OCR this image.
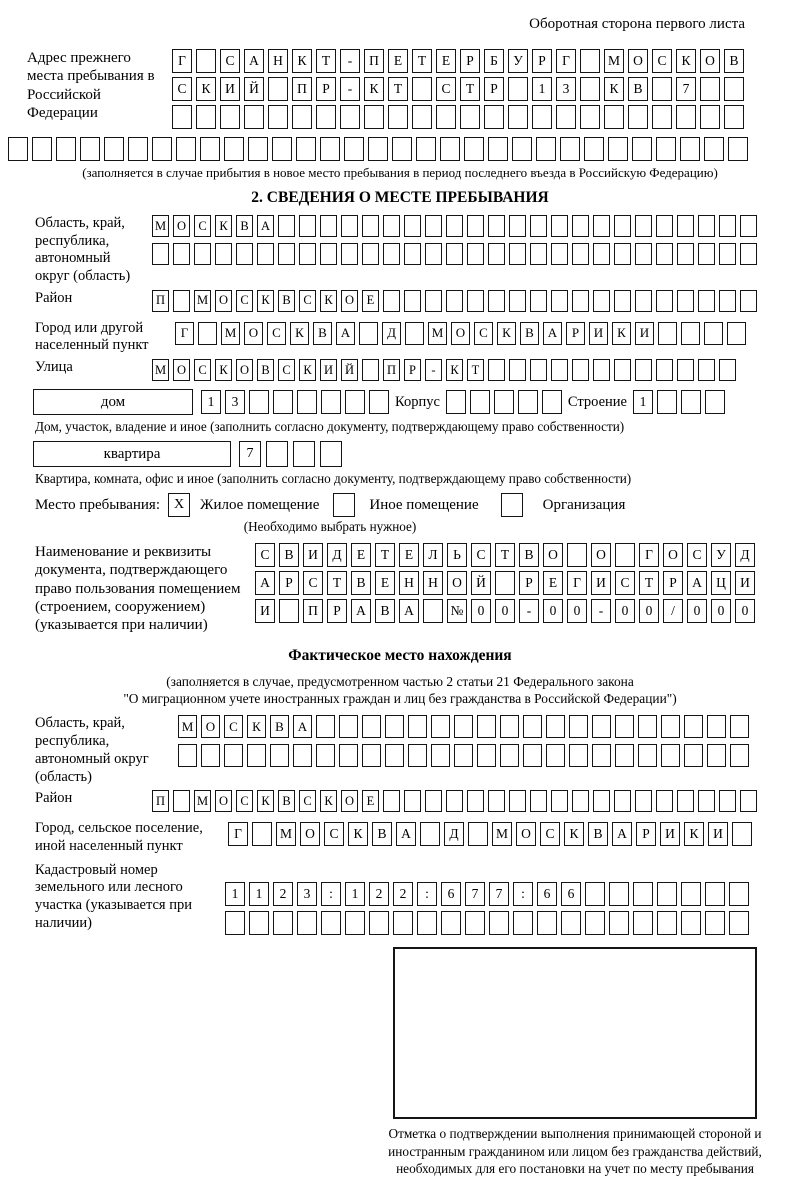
Оборотная сторона первого листа
Адрес прежнего места пребывания в Российской Федерации
Г	С	А	Н	К	Т	-	П	Е	Т	Е	Р	Б	У	Р	Г	М О	С	К	О	В
С	К	И	Й	П	Р	-	К	Т	С	Т	Р	1	3	К	В	7
(заполняется в случае прибытия в новое место пребывания в период последнего въезда в Российскую Федерацию)
2. СВЕДЕНИЯ О МЕСТЕ ПРЕБЫВАНИЯ
Область, край, республика, автономный округ (область)
М О С	К	В А
Район	П	М О С	К	В	С	К О	Е
Город или другой населенный пункт
Г	М О	С	К	В	А	Д	М О	С	К	В	А	Р	И	К	И
Улица	М О С	К О В	С	К И Й	П	Р	-	К	Т
дом	1	3	Корпус	Строение 1
Дом, участок, владение и иное (заполнить согласно документу, подтверждающему право собственности)
квартира	7
Квартира, комната, офис и иное (заполнить согласно документу, подтверждающему право собственности)
Место пребывания: X	Жилое помещение	Иное помещение	Организация
(Необходимо выбрать нужное)
Наименование и реквизиты документа, подтверждающего право пользования помещением (строением, сооружением) (указывается при наличии)
С	В	И	Д	Е	Т	Е	Л	Ь	С	Т	В	О	О	Г	О	С	У	Д
А	Р	С	Т	В	Е	Н	Н	О	Й	Р	Е	Г	И	С	Т	Р	А	Ц	И
И	П	Р	А	В	А	№	0	0	-	0	0	-	0	0	/	0	0	0
Фактическое место нахождения
(заполняется в случае, предусмотренном частью 2 статьи 21 Федерального закона
"О миграционном учете иностранных граждан и лиц без гражданства в Российской Федерации")
Область, край, республика, автономный округ (область)
М О	С	К	В	А
Район	П	М О С	К	В	С	К О	Е
Город, сельское поселение, иной населенный пункт
Г	М О	С	К	В	А	Д	М О	С	К	В	А	Р	И	К	И
Кадастровый номер земельного или лесного участка (указывается при наличии)
1	1	2	3	:	1	2	2	:	6	7	7	:	6	6
Отметка о подтверждении выполнения принимающей стороной и иностранным гражданином или лицом без гражданства действий, необходимых для его постановки на учет по месту пребывания
